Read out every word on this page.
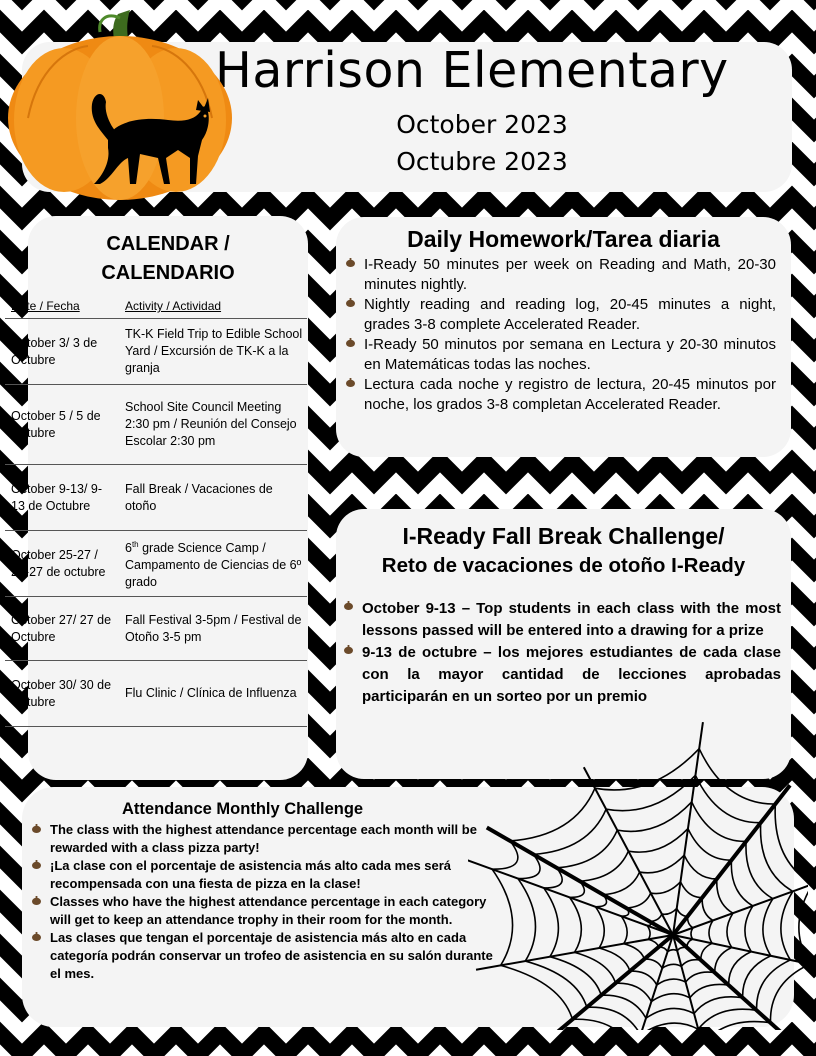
Harrison Elementary
October 2023
Octubre 2023
CALENDAR /
CALENDARIO
Date / Fecha	Activity / Actividad
October 3/ 3 de Octubre	TK-K Field Trip to Edible School Yard / Excursión de TK-K a la granja
October 5 / 5 de Octubre	School Site Council Meeting 2:30 pm / Reunión del Consejo Escolar 2:30 pm
October 9-13/ 9-13 de Octubre	Fall Break / Vacaciones de otoño
October 25-27 / 25-27 de octubre	6th grade Science Camp / Campamento de Ciencias de 6º grado
October 27/ 27 de Octubre	Fall Festival 3-5pm / Festival de Otoño 3-5 pm
October 30/ 30 de Octubre	Flu Clinic / Clínica de Influenza
Daily Homework/Tarea diaria
I-Ready 50 minutes per week on Reading and Math, 20-30 minutes nightly.
Nightly reading and reading log, 20-45 minutes a night, grades 3-8 complete Accelerated Reader.
I-Ready 50 minutos por semana en Lectura y 20-30 minutos en Matemáticas todas las noches.
Lectura cada noche y registro de lectura, 20-45 minutos por noche, los grados 3-8 completan Accelerated Reader.
I-Ready Fall Break Challenge/
Reto de vacaciones de otoño I-Ready
October 9-13 – Top students in each class with the most lessons passed will be entered into a drawing for a prize
9-13 de octubre – los mejores estudiantes de cada clase con la mayor cantidad de lecciones aprobadas participarán en un sorteo por un premio
Attendance Monthly Challenge
The class with the highest attendance percentage each month will be rewarded with a class pizza party!
¡La clase con el porcentaje de asistencia más alto cada mes será recompensada con una fiesta de pizza en la clase!
Classes who have the highest attendance percentage in each category will get to keep an attendance trophy in their room for the month.
Las clases que tengan el porcentaje de asistencia más alto en cada categoría podrán conservar un trofeo de asistencia en su salón durante el mes.
